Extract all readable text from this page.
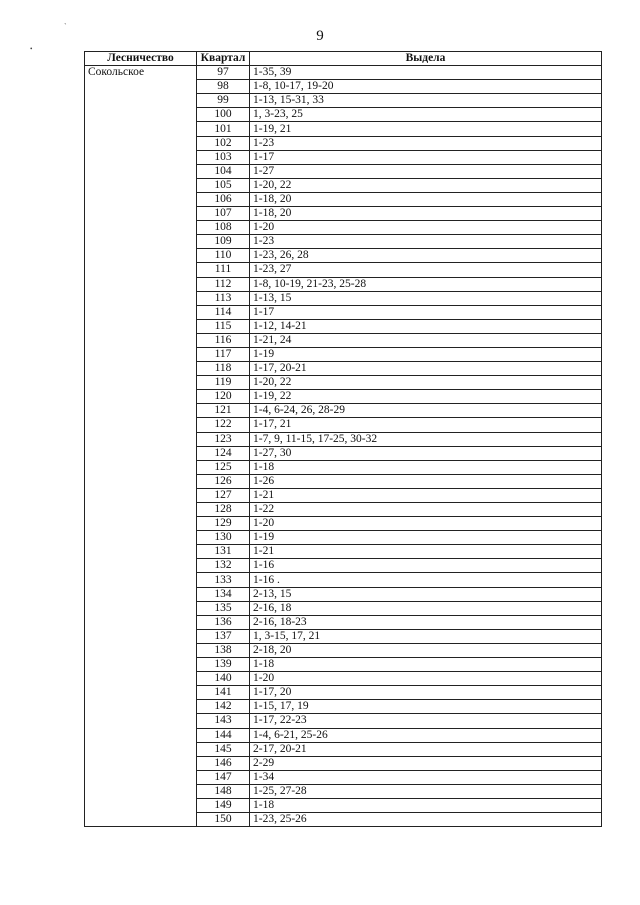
9
`
•
Лесничество	Квартал	Выдела
Сокольское	97	1-35, 39
	98	1-8, 10-17, 19-20
	99	1-13, 15-31, 33
	100	1, 3-23, 25
	101	1-19, 21
	102	1-23
	103	1-17
	104	1-27
	105	1-20, 22
	106	1-18, 20
	107	1-18, 20
	108	1-20
	109	1-23
	110	1-23, 26, 28
	111	1-23, 27
	112	1-8, 10-19, 21-23, 25-28
	113	1-13, 15
	114	1-17
	115	1-12, 14-21
	116	1-21, 24
	117	1-19
	118	1-17, 20-21
	119	1-20, 22
	120	1-19, 22
	121	1-4, 6-24, 26, 28-29
	122	1-17, 21
	123	1-7, 9, 11-15, 17-25, 30-32
	124	1-27, 30
	125	1-18
	126	1-26
	127	1-21
	128	1-22
	129	1-20
	130	1-19
	131	1-21
	132	1-16
	133	1-16 .
	134	2-13, 15
	135	2-16, 18
	136	2-16, 18-23
	137	1, 3-15, 17, 21
	138	2-18, 20
	139	1-18
	140	1-20
	141	1-17, 20
	142	1-15, 17, 19
	143	1-17, 22-23
	144	1-4, 6-21, 25-26
	145	2-17, 20-21
	146	2-29
	147	1-34
	148	1-25, 27-28
	149	1-18
	150	1-23, 25-26
